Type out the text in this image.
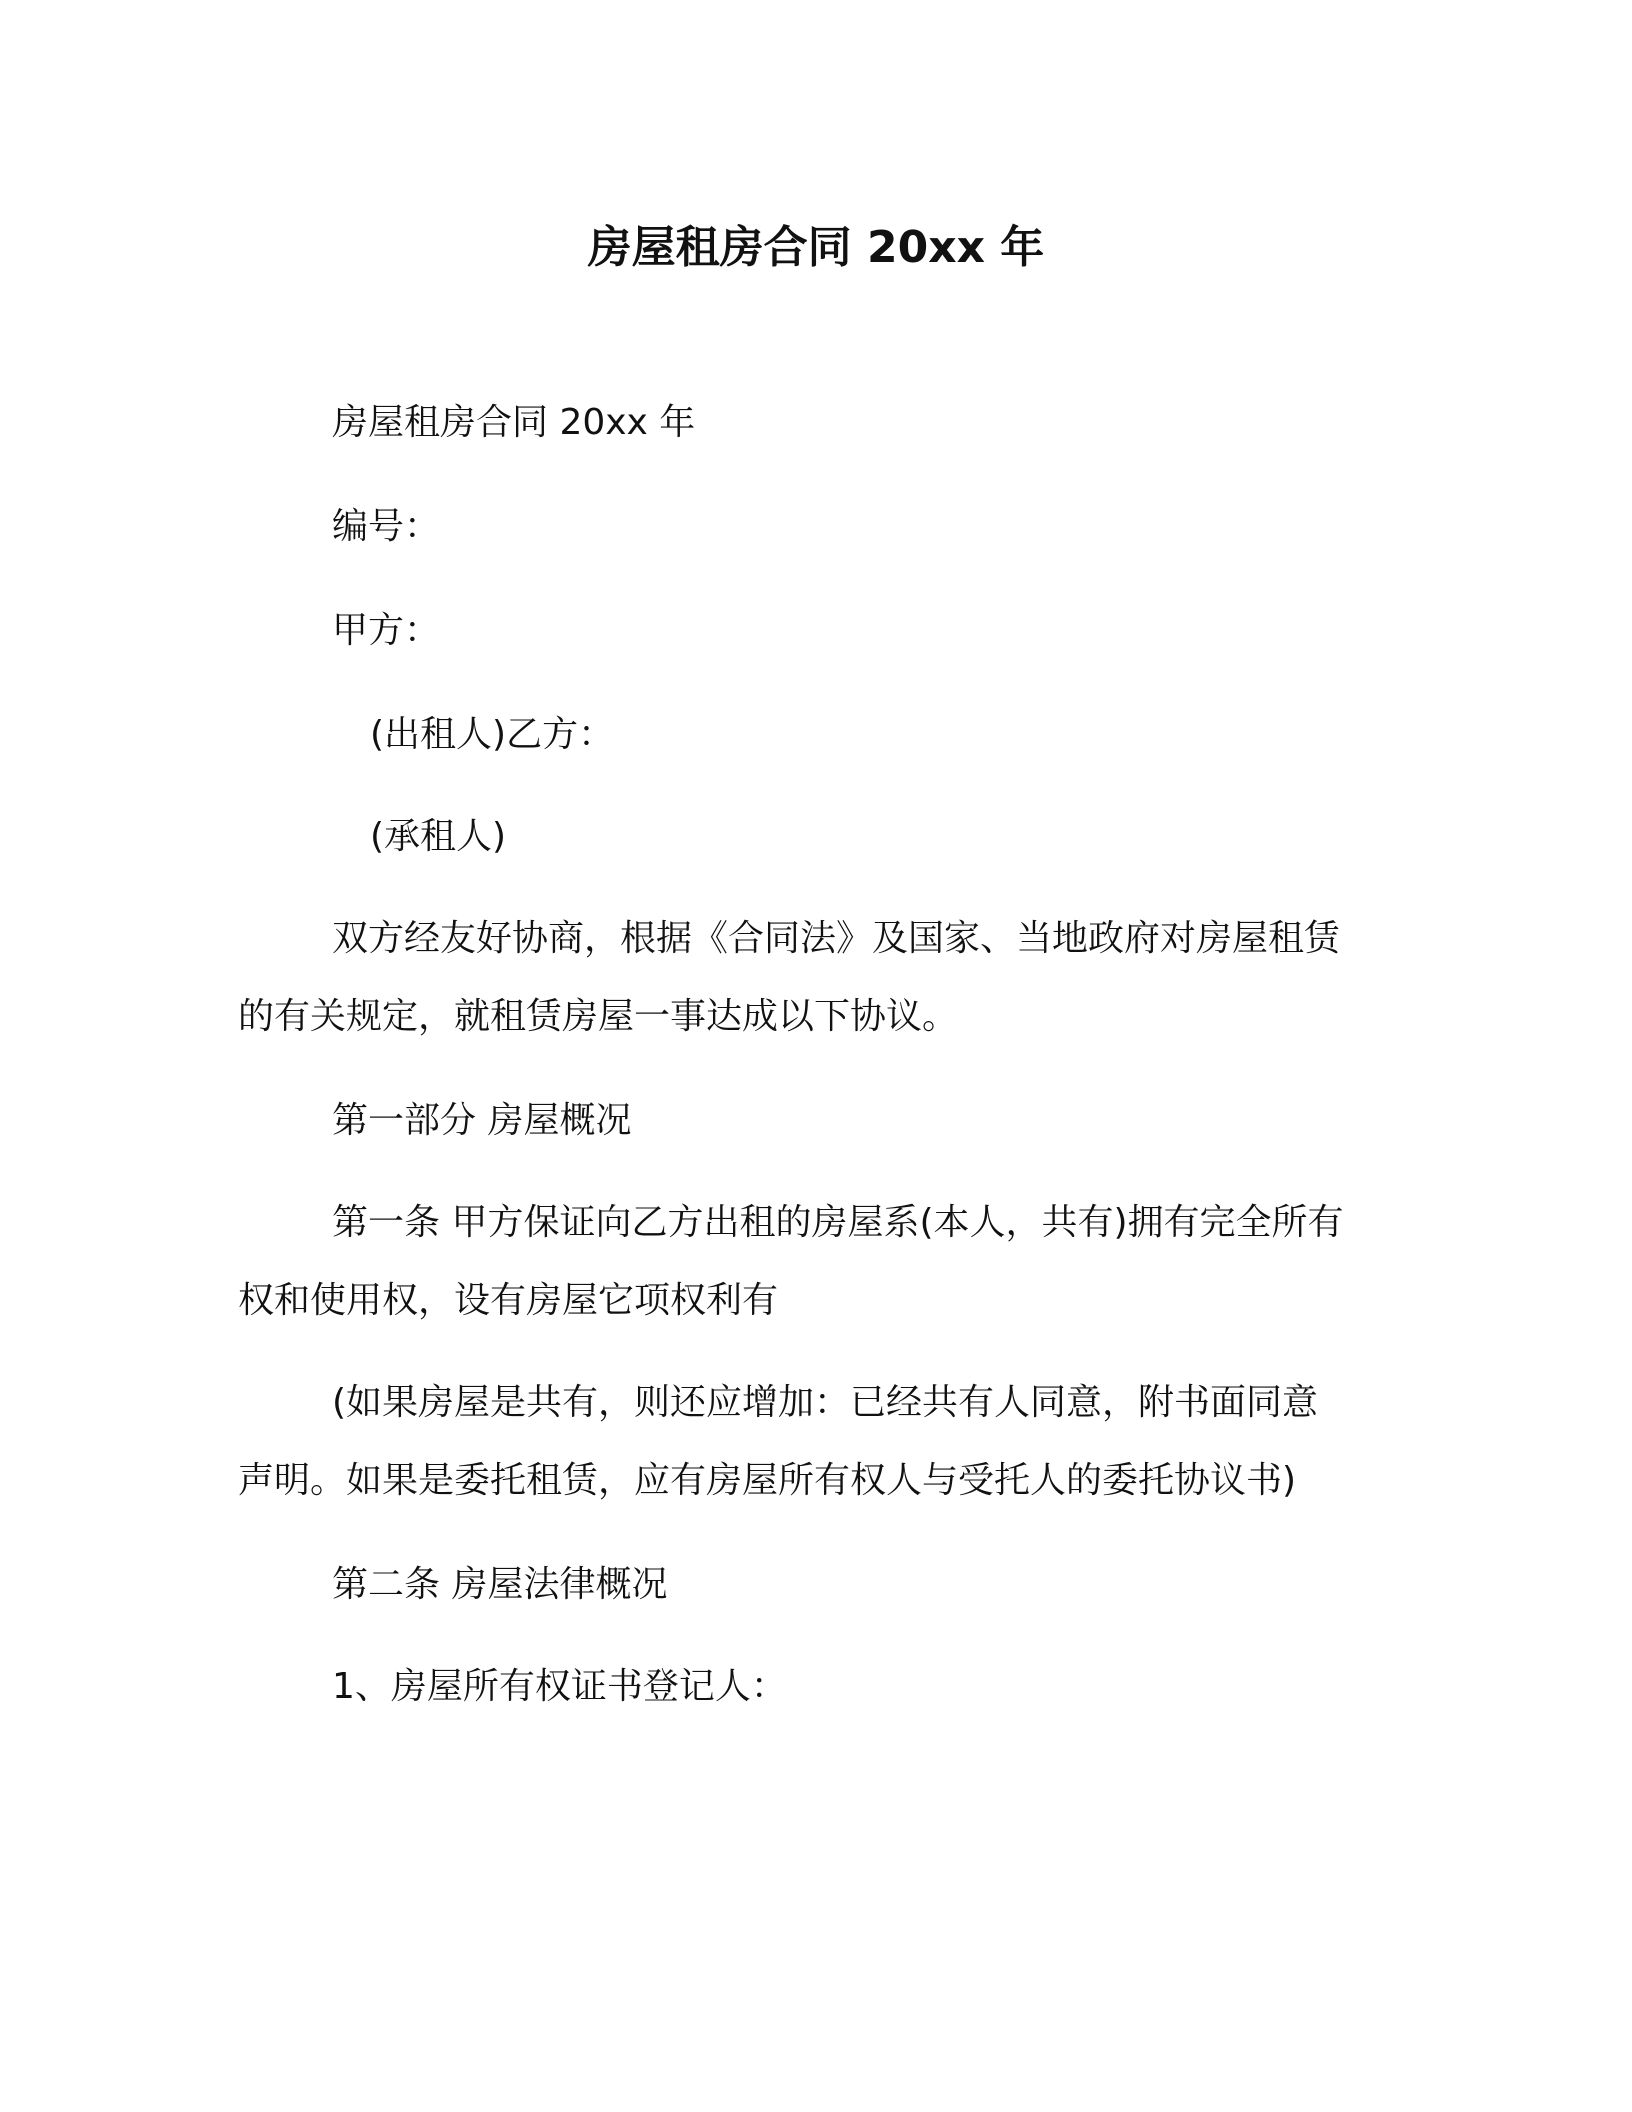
房屋租房合同 20xx 年
房屋租房合同 20xx 年
编号：
甲方：
(出租人)乙方：
(承租人)
双方经友好协商，根据《合同法》及国家、当地政府对房屋租赁
的有关规定，就租赁房屋一事达成以下协议。
第一部分 房屋概况
第一条 甲方保证向乙方出租的房屋系(本人，共有)拥有完全所有
权和使用权，设有房屋它项权利有
(如果房屋是共有，则还应增加：已经共有人同意，附书面同意
声明。如果是委托租赁，应有房屋所有权人与受托人的委托协议书)
第二条 房屋法律概况
1、房屋所有权证书登记人：
